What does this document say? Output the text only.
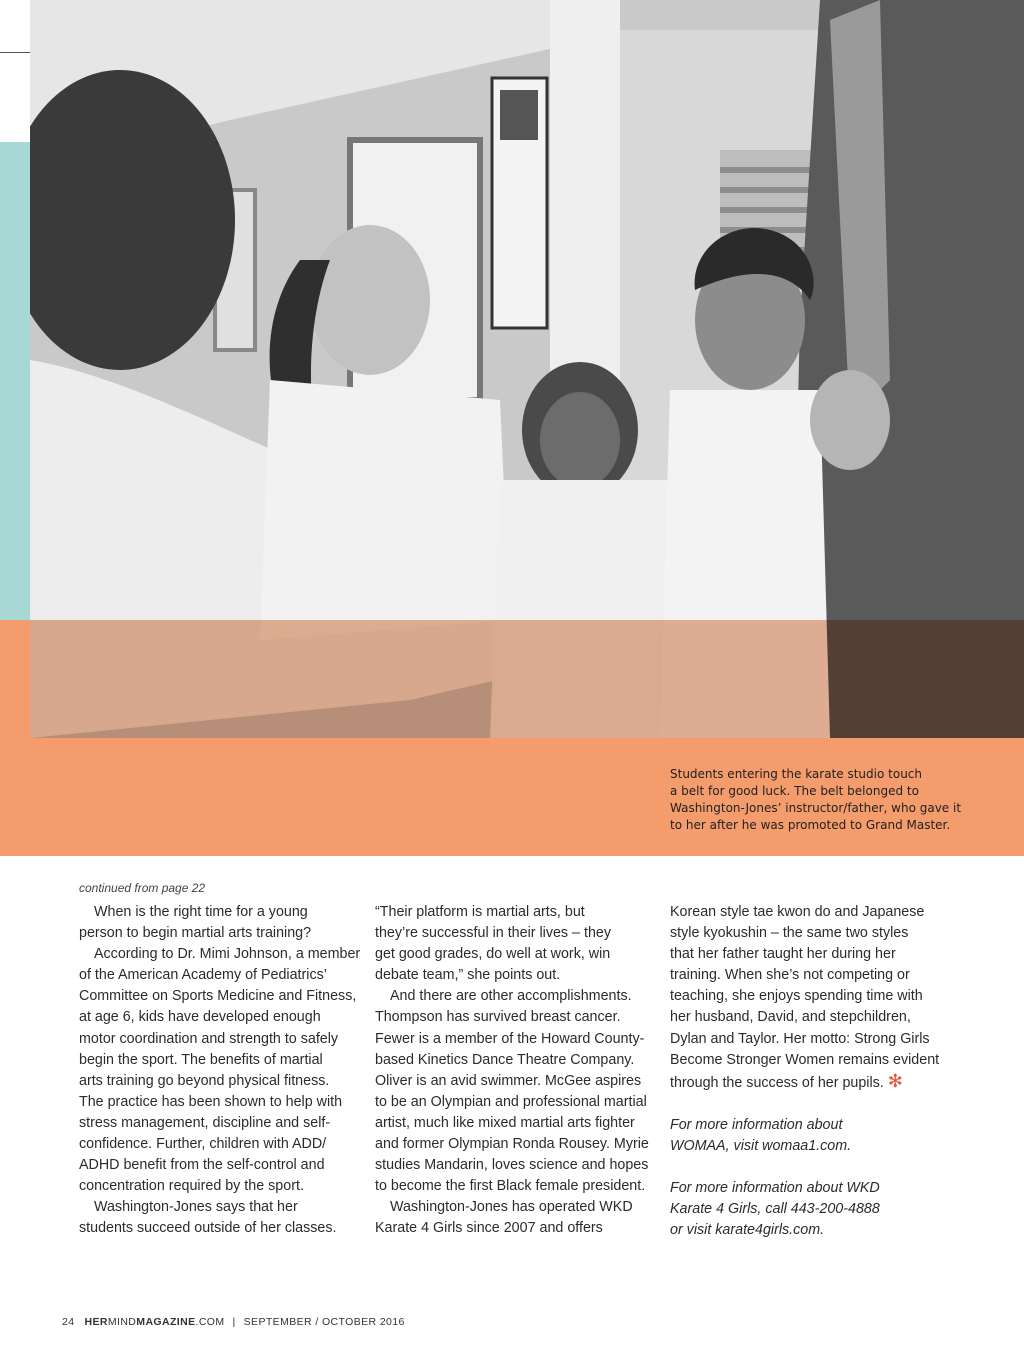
Students entering the karate studio touch
a belt for good luck. The belt belonged to
Washington-Jones’ instructor/father, who gave it
to her after he was promoted to Grand Master.
continued from page 22
When is the right time for a young
person to begin martial arts training?
According to Dr. Mimi Johnson, a member
of the American Academy of Pediatrics’
Committee on Sports Medicine and Fitness,
at age 6, kids have developed enough
motor coordination and strength to safely
begin the sport. The benefits of martial
arts training go beyond physical fitness.
The practice has been shown to help with
stress management, discipline and self-
confidence. Further, children with ADD/
ADHD benefit from the self-control and
concentration required by the sport.
Washington-Jones says that her
students succeed outside of her classes.
“Their platform is martial arts, but
they’re successful in their lives – they
get good grades, do well at work, win
debate team,” she points out.
And there are other accomplishments.
Thompson has survived breast cancer.
Fewer is a member of the Howard County-
based Kinetics Dance Theatre Company.
Oliver is an avid swimmer. McGee aspires
to be an Olympian and professional martial
artist, much like mixed martial arts fighter
and former Olympian Ronda Rousey. Myrie
studies Mandarin, loves science and hopes
to become the first Black female president.
Washington-Jones has operated WKD
Karate 4 Girls since 2007 and offers
Korean style tae kwon do and Japanese
style kyokushin – the same two styles
that her father taught her during her
training. When she’s not competing or
teaching, she enjoys spending time with
her husband, David, and stepchildren,
Dylan and Taylor. Her motto: Strong Girls
Become Stronger Women remains evident
through the success of her pupils. ✻
For more information about
WOMAA, visit womaa1.com.
For more information about WKD
Karate 4 Girls, call 443-200-4888
or visit karate4girls.com.
24 HERMINDMAGAZINE.COM | SEPTEMBER / OCTOBER 2016
